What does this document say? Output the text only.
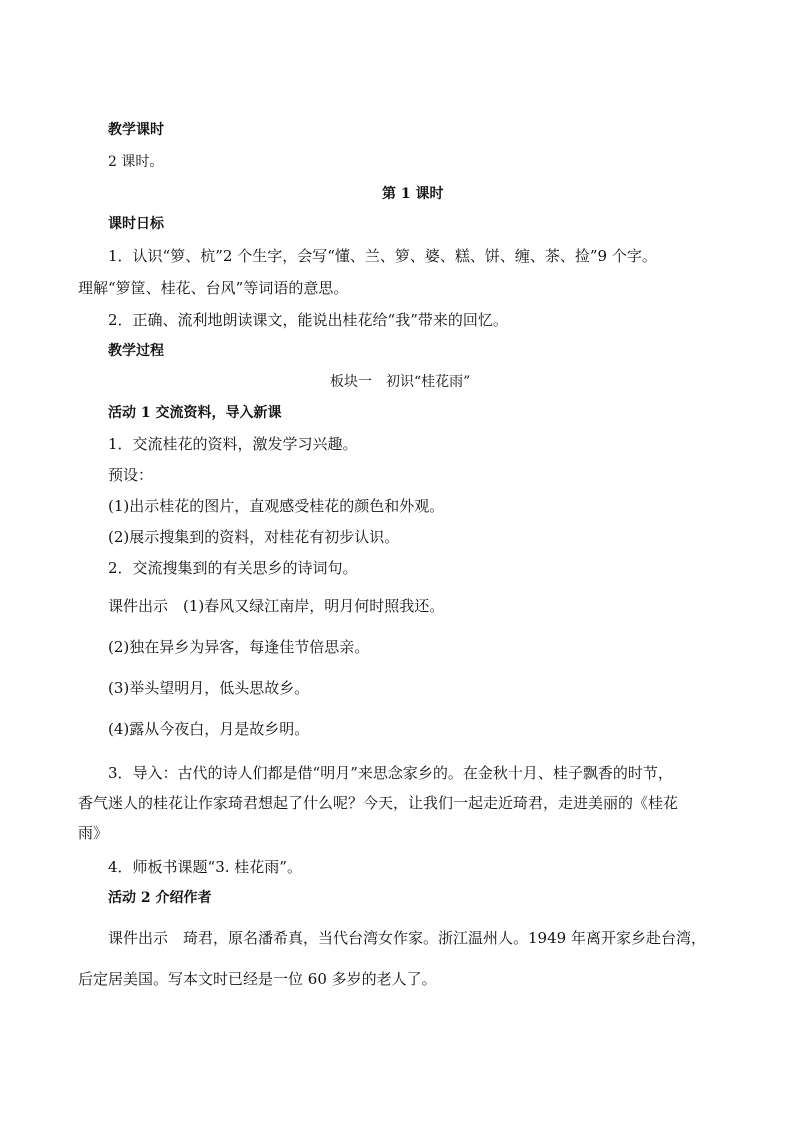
教学课时

2 课时。

第 1 课时

课时日标

1．认识“箩、杭”2 个生字，会写“懂、兰、箩、婆、糕、饼、缠、茶、捡”9 个字。

理解“箩筐、桂花、台风”等词语的意思。

2．正确、流利地朗读课文，能说出桂花给“我”带来的回忆。

教学过程

板块一　初识“桂花雨”

活动 1 交流资料，导入新课

1．交流桂花的资料，激发学习兴趣。

预设：

(1)出示桂花的图片，直观感受桂花的颜色和外观。

(2)展示搜集到的资料，对桂花有初步认识。

2．交流搜集到的有关思乡的诗词句。

课件出示　(1)春风又绿江南岸，明月何时照我还。

(2)独在异乡为异客，每逢佳节倍思亲。

(3)举头望明月，低头思故乡。

(4)露从今夜白，月是故乡明。

3．导入：古代的诗人们都是借“明月”来思念家乡的。在金秋十月、桂子飘香的时节，

香气迷人的桂花让作家琦君想起了什么呢？今天，让我们一起走近琦君，走进美丽的《桂花

雨》

4．师板书课题“3. 桂花雨”。

活动 2 介绍作者

课件出示　琦君，原名潘希真，当代台湾女作家。浙江温州人。1949 年离开家乡赴台湾，

后定居美国。写本文时已经是一位 60 多岁的老人了。
